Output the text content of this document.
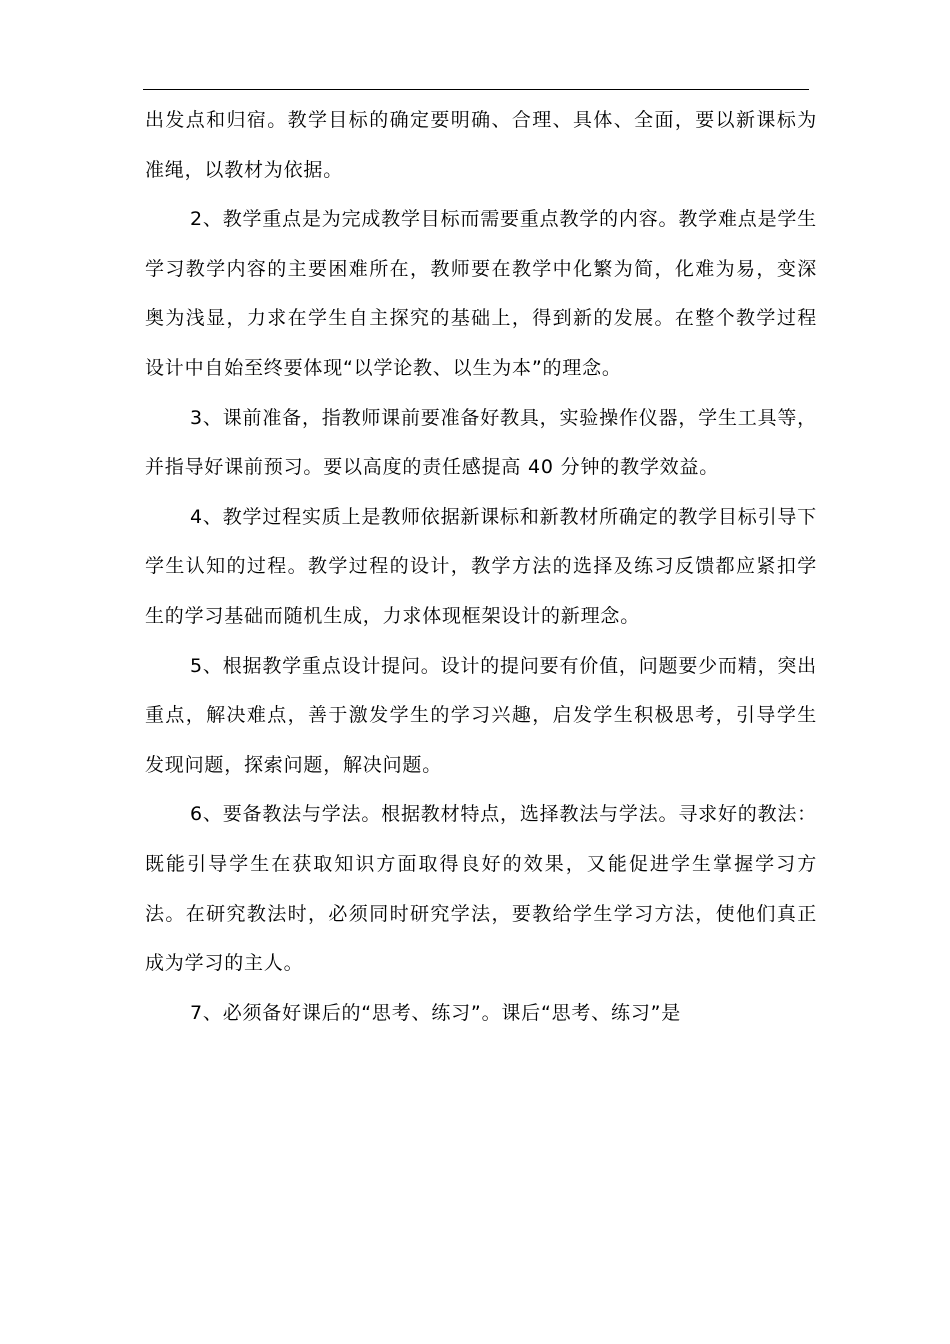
出发点和归宿。教学目标的确定要明确、合理、具体、全面，要以新课标为准绳，以教材为依据。

2、教学重点是为完成教学目标而需要重点教学的内容。教学难点是学生学习教学内容的主要困难所在，教师要在教学中化繁为简，化难为易，变深奥为浅显，力求在学生自主探究的基础上，得到新的发展。在整个教学过程设计中自始至终要体现“以学论教、以生为本”的理念。

3、课前准备，指教师课前要准备好教具，实验操作仪器，学生工具等，并指导好课前预习。要以高度的责任感提高 40 分钟的教学效益。

4、教学过程实质上是教师依据新课标和新教材所确定的教学目标引导下学生认知的过程。教学过程的设计，教学方法的选择及练习反馈都应紧扣学生的学习基础而随机生成，力求体现框架设计的新理念。

5、根据教学重点设计提问。设计的提问要有价值，问题要少而精，突出重点，解决难点，善于激发学生的学习兴趣，启发学生积极思考，引导学生发现问题，探索问题，解决问题。

6、要备教法与学法。根据教材特点，选择教法与学法。寻求好的教法：既能引导学生在获取知识方面取得良好的效果，又能促进学生掌握学习方法。在研究教法时，必须同时研究学法，要教给学生学习方法，使他们真正成为学习的主人。

7、必须备好课后的“思考、练习”。课后“思考、练习”是
